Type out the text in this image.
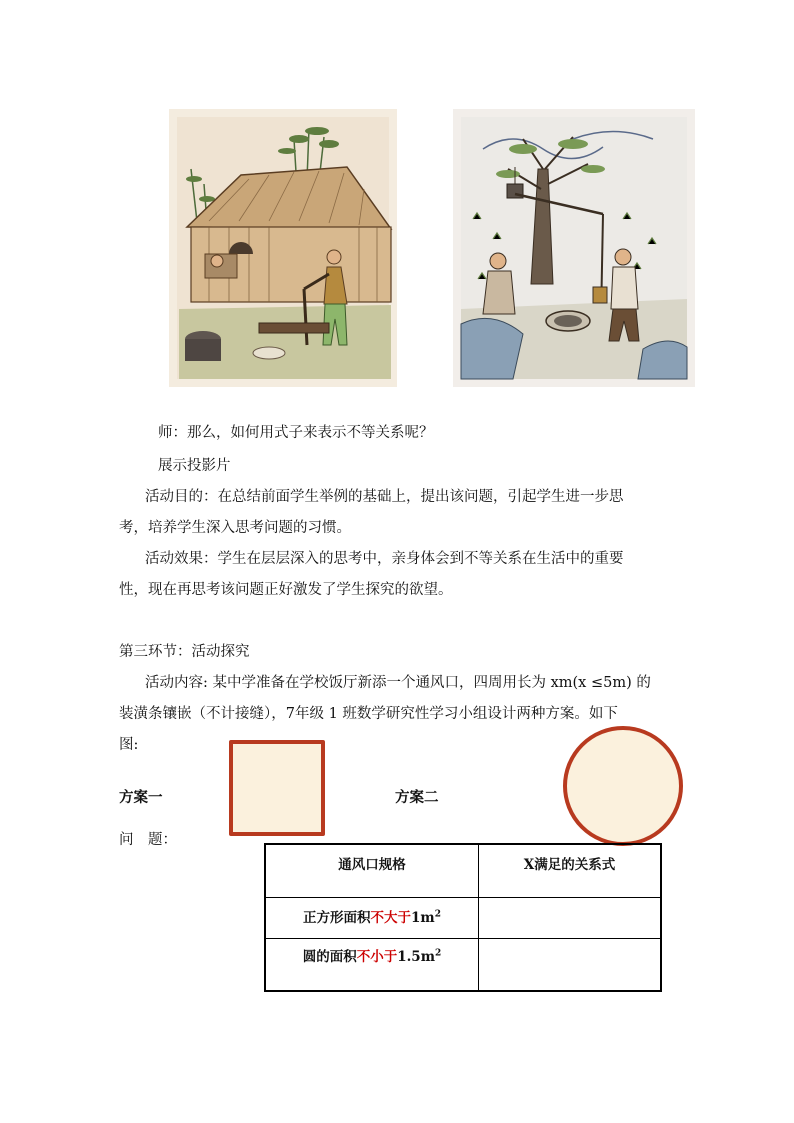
师：那么，如何用式子来表示不等关系呢？
展示投影片
活动目的：在总结前面学生举例的基础上，提出该问题，引起学生进一步思
考，培养学生深入思考问题的习惯。
活动效果：学生在层层深入的思考中，亲身体会到不等关系在生活中的重要
性，现在再思考该问题正好激发了学生探究的欲望。
第三环节：活动探究
活动内容: 某中学准备在学校饭厅新添一个通风口，四周用长为 xm(x ≤5m) 的
装潢条镶嵌（不计接缝），7年级 1 班数学研究性学习小组设计两种方案。如下
图:
方案一	方案二
问　题：
通风口规格	X满足的关系式
正方形面积不大于$1m^2$	
圆的面积不小于$1.5m^2$	
